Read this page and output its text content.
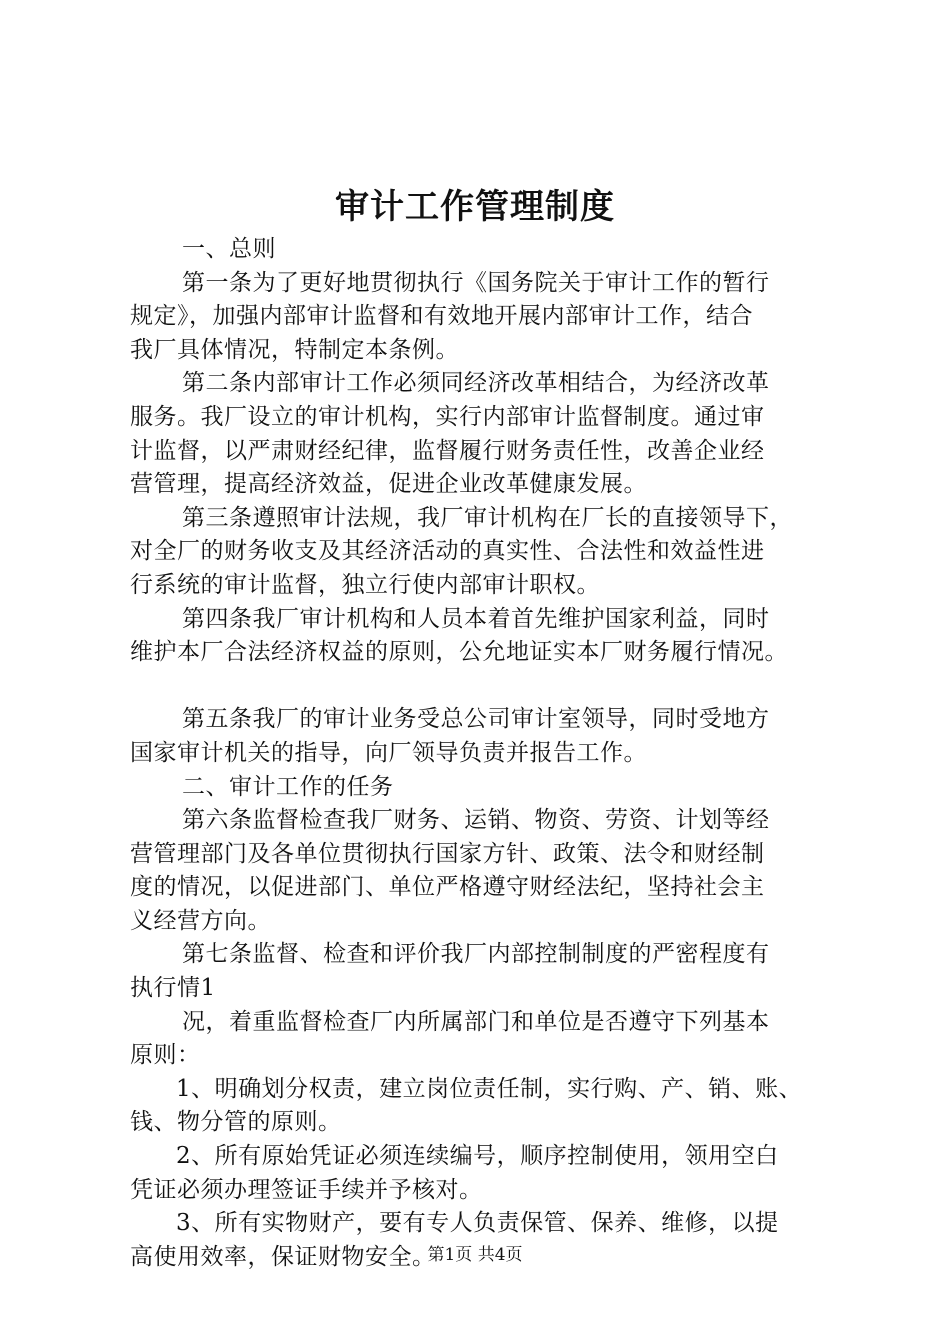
审计工作管理制度
一、总则
第一条为了更好地贯彻执行《国务院关于审计工作的暂行
规定》，加强内部审计监督和有效地开展内部审计工作，结合
我厂具体情况，特制定本条例。
第二条内部审计工作必须同经济改革相结合，为经济改革
服务。我厂设立的审计机构，实行内部审计监督制度。通过审
计监督，以严肃财经纪律，监督履行财务责任性，改善企业经
营管理，提高经济效益，促进企业改革健康发展。
第三条遵照审计法规，我厂审计机构在厂长的直接领导下，
对全厂的财务收支及其经济活动的真实性、合法性和效益性进
行系统的审计监督，独立行使内部审计职权。
第四条我厂审计机构和人员本着首先维护国家利益，同时
维护本厂合法经济权益的原则，公允地证实本厂财务履行情况。
第五条我厂的审计业务受总公司审计室领导，同时受地方
国家审计机关的指导，向厂领导负责并报告工作。
二、审计工作的任务
第六条监督检查我厂财务、运销、物资、劳资、计划等经
营管理部门及各单位贯彻执行国家方针、政策、法令和财经制
度的情况，以促进部门、单位严格遵守财经法纪，坚持社会主
义经营方向。
第七条监督、检查和评价我厂内部控制制度的严密程度有
执行情1
况，着重监督检查厂内所属部门和单位是否遵守下列基本
原则：
1、明确划分权责，建立岗位责任制，实行购、产、销、账、
钱、物分管的原则。
2、所有原始凭证必须连续编号，顺序控制使用，领用空白
凭证必须办理签证手续并予核对。
3、所有实物财产，要有专人负责保管、保养、维修，以提
高使用效率，保证财物安全。
第1页 共4页
